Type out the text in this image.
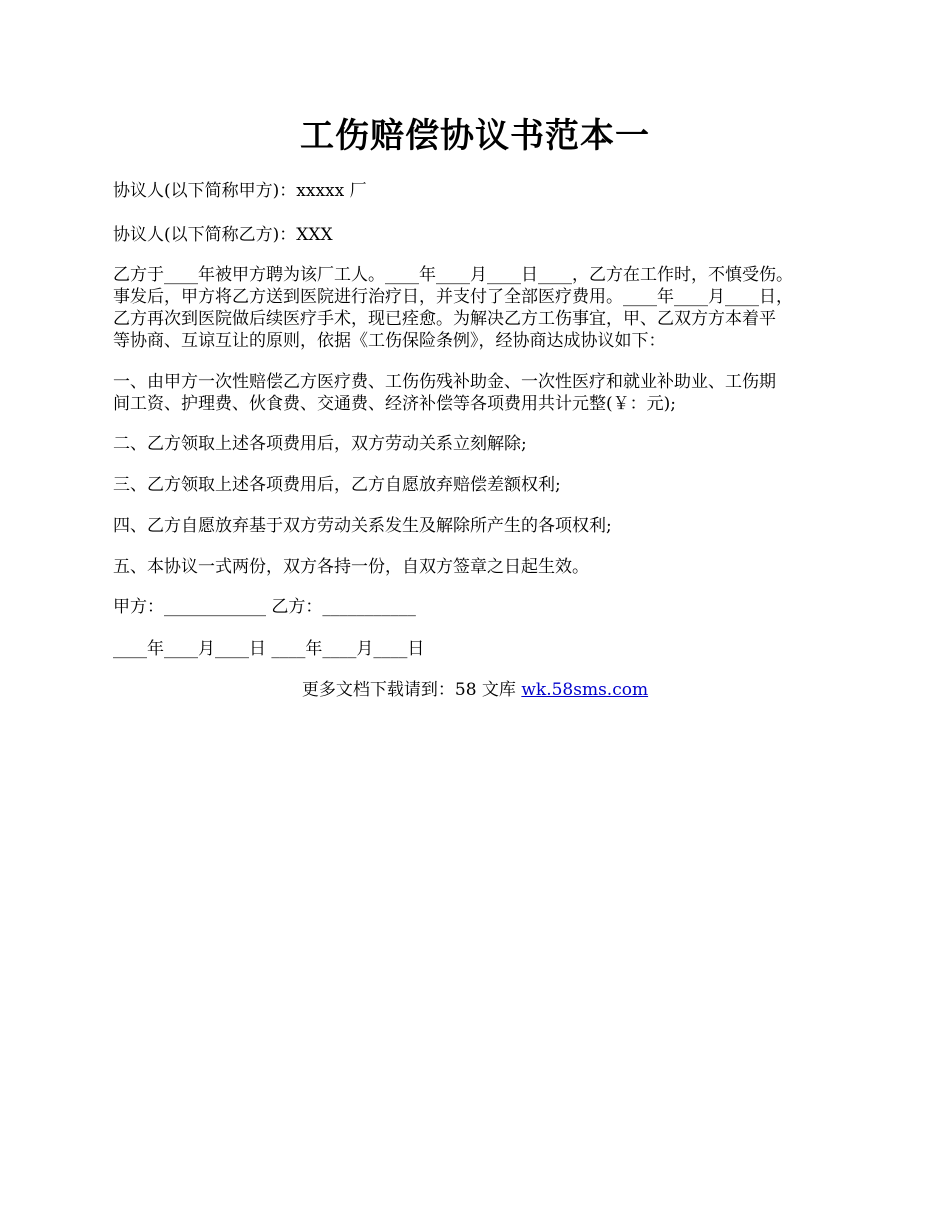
工伤赔偿协议书范本一
协议人(以下简称甲方)：xxxxx 厂
协议人(以下简称乙方)：XXX
乙方于____年被甲方聘为该厂工人。____年____月____日____，乙方在工作时，不慎受伤。
事发后，甲方将乙方送到医院进行治疗日，并支付了全部医疗费用。____年____月____日，
乙方再次到医院做后续医疗手术，现已痊愈。为解决乙方工伤事宜，甲、乙双方方本着平
等协商、互谅互让的原则，依据《工伤保险条例》，经协商达成协议如下：
一、由甲方一次性赔偿乙方医疗费、工伤伤残补助金、一次性医疗和就业补助业、工伤期
间工资、护理费、伙食费、交通费、经济补偿等各项费用共计元整(￥：元);
二、乙方领取上述各项费用后，双方劳动关系立刻解除;
三、乙方领取上述各项费用后，乙方自愿放弃赔偿差额权利;
四、乙方自愿放弃基于双方劳动关系发生及解除所产生的各项权利;
五、本协议一式两份，双方各持一份，自双方签章之日起生效。
甲方：____________ 乙方：___________
____年____月____日 ____年____月____日
更多文档下载请到：58 文库 wk.58sms.com
